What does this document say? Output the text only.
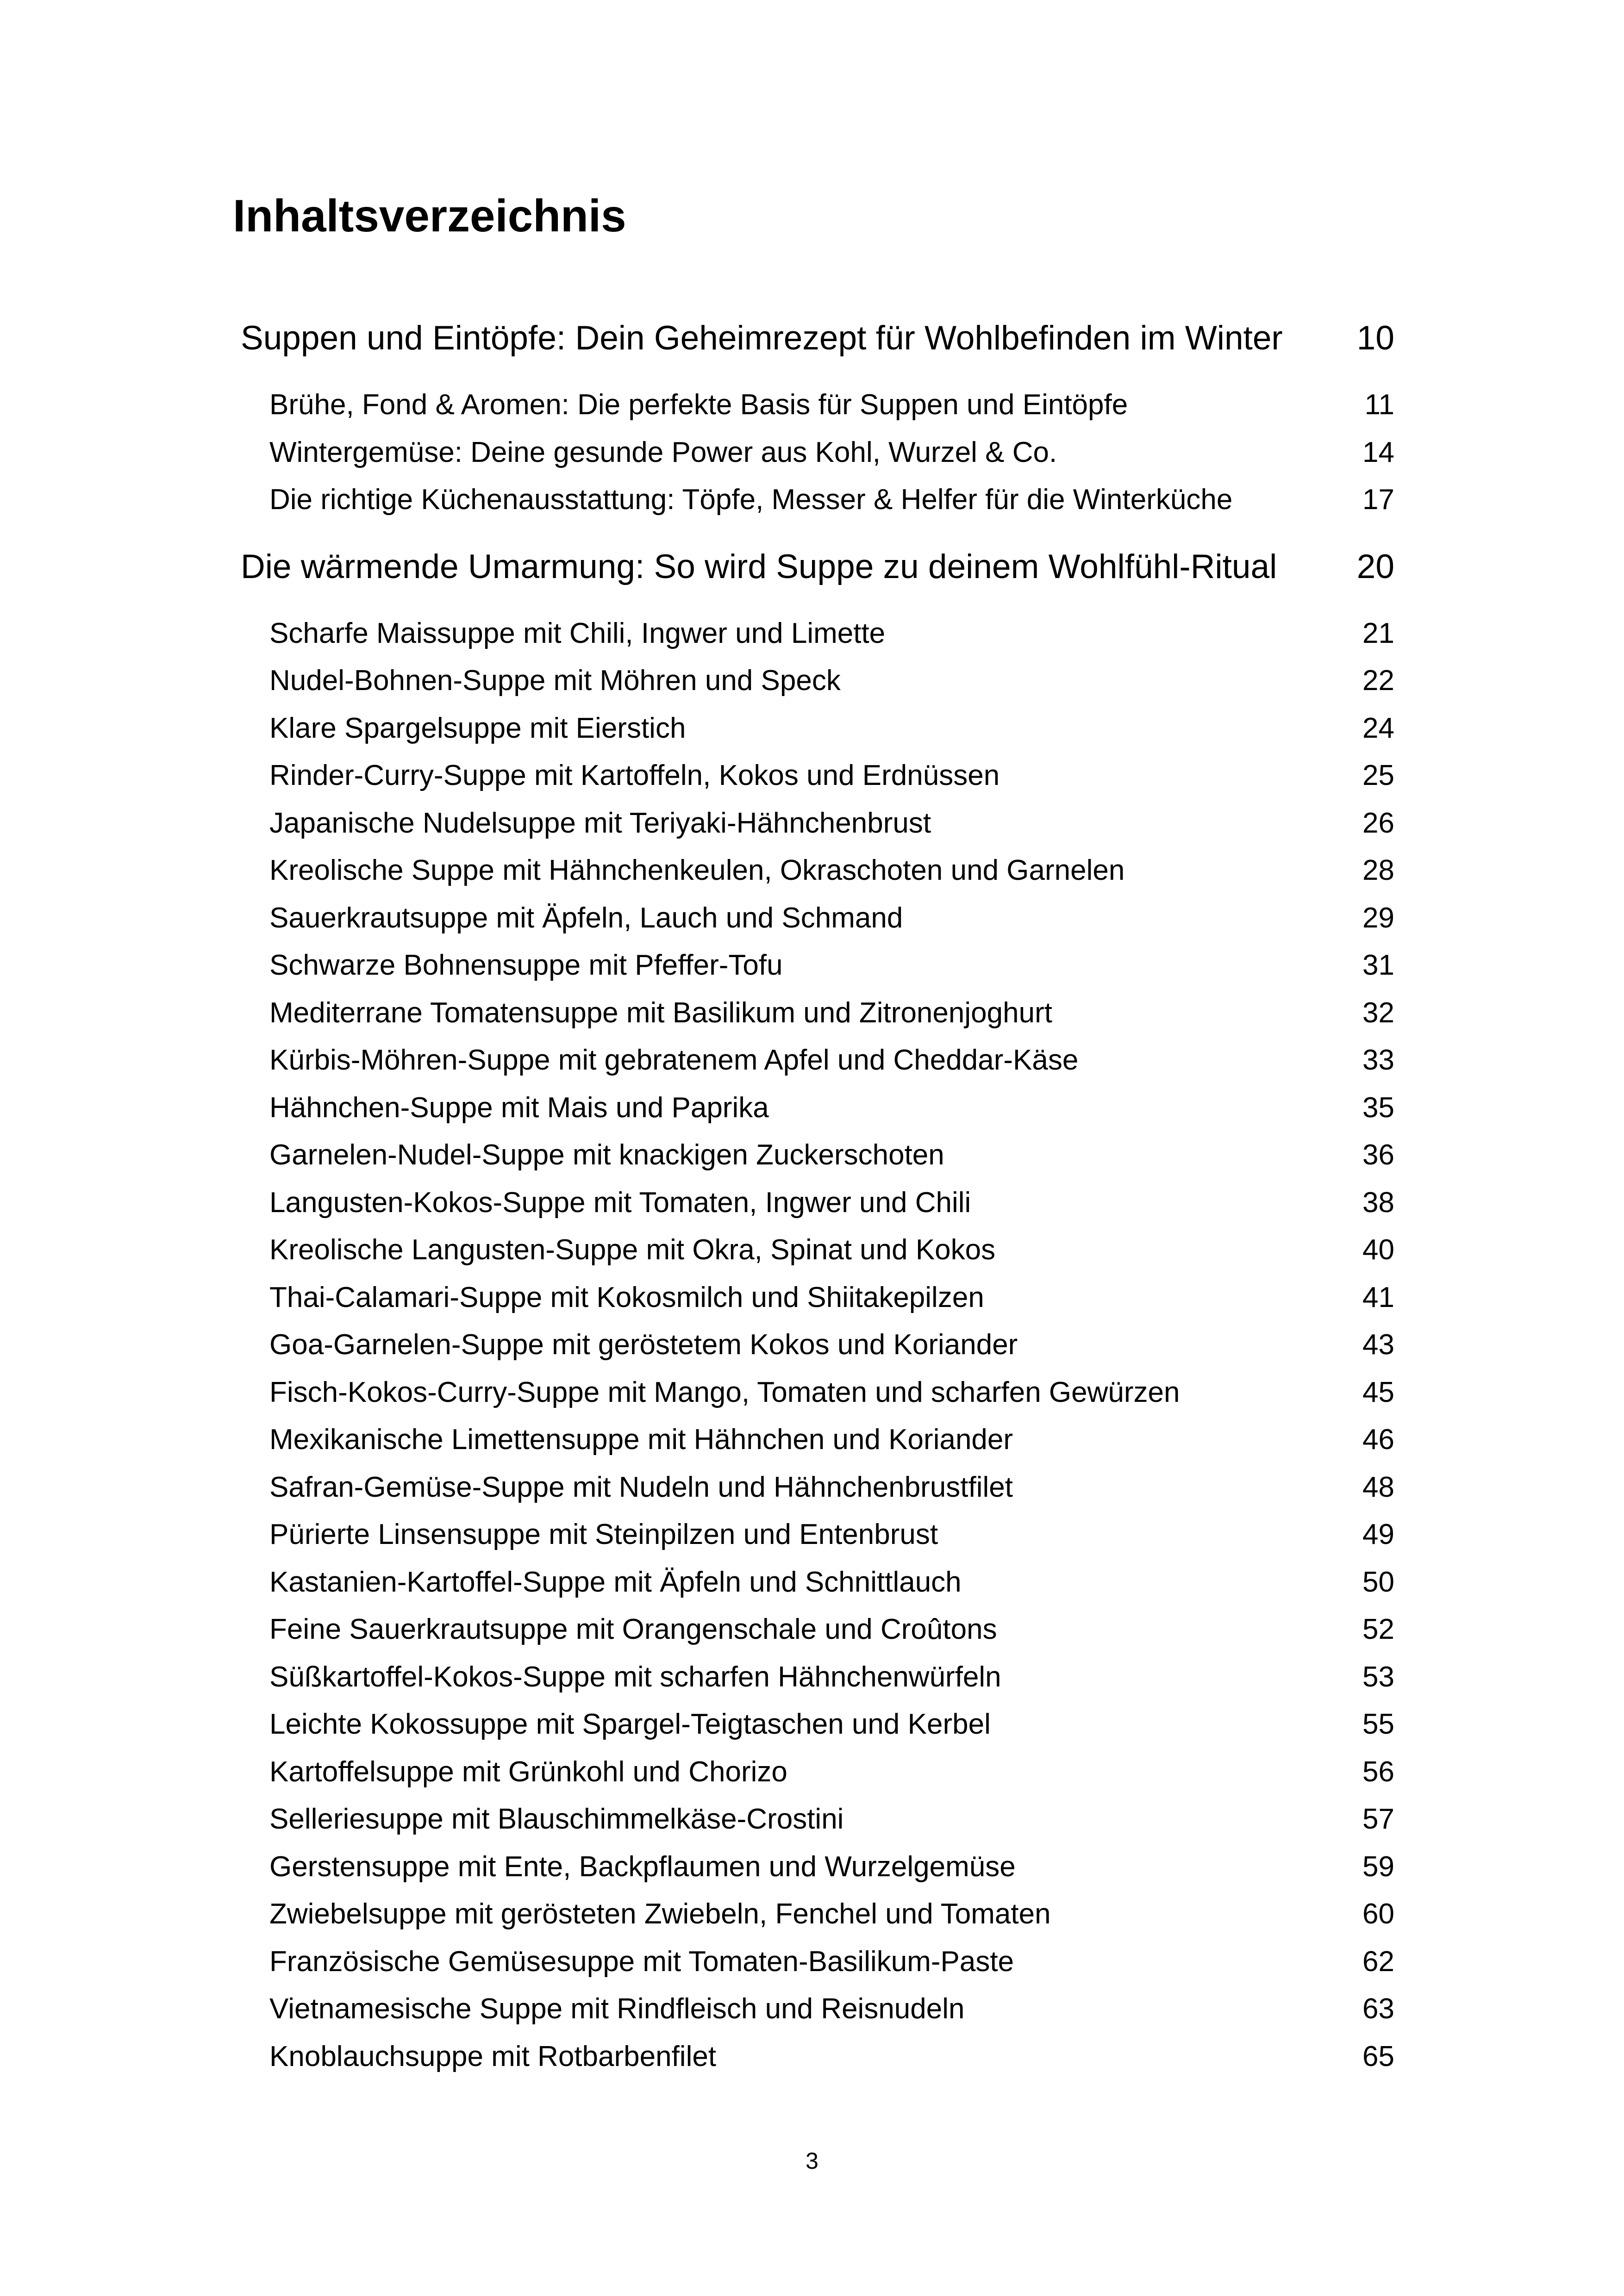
Inhaltsverzeichnis
Suppen und Eintöpfe: Dein Geheimrezept für Wohlbefinden im Winter	10
Brühe, Fond & Aromen: Die perfekte Basis für Suppen und Eintöpfe	11
Wintergemüse: Deine gesunde Power aus Kohl, Wurzel & Co.	14
Die richtige Küchenausstattung: Töpfe, Messer & Helfer für die Winterküche	17
Die wärmende Umarmung: So wird Suppe zu deinem Wohlfühl-Ritual	20
Scharfe Maissuppe mit Chili, Ingwer und Limette	21
Nudel-Bohnen-Suppe mit Möhren und Speck	22
Klare Spargelsuppe mit Eierstich	24
Rinder-Curry-Suppe mit Kartoffeln, Kokos und Erdnüssen	25
Japanische Nudelsuppe mit Teriyaki-Hähnchenbrust	26
Kreolische Suppe mit Hähnchenkeulen, Okraschoten und Garnelen	28
Sauerkrautsuppe mit Äpfeln, Lauch und Schmand	29
Schwarze Bohnensuppe mit Pfeffer-Tofu	31
Mediterrane Tomatensuppe mit Basilikum und Zitronenjoghurt	32
Kürbis-Möhren-Suppe mit gebratenem Apfel und Cheddar-Käse	33
Hähnchen-Suppe mit Mais und Paprika	35
Garnelen-Nudel-Suppe mit knackigen Zuckerschoten	36
Langusten-Kokos-Suppe mit Tomaten, Ingwer und Chili	38
Kreolische Langusten-Suppe mit Okra, Spinat und Kokos	40
Thai-Calamari-Suppe mit Kokosmilch und Shiitakepilzen	41
Goa-Garnelen-Suppe mit geröstetem Kokos und Koriander	43
Fisch-Kokos-Curry-Suppe mit Mango, Tomaten und scharfen Gewürzen	45
Mexikanische Limettensuppe mit Hähnchen und Koriander	46
Safran-Gemüse-Suppe mit Nudeln und Hähnchenbrustfilet	48
Pürierte Linsensuppe mit Steinpilzen und Entenbrust	49
Kastanien-Kartoffel-Suppe mit Äpfeln und Schnittlauch	50
Feine Sauerkrautsuppe mit Orangenschale und Croûtons	52
Süßkartoffel-Kokos-Suppe mit scharfen Hähnchenwürfeln	53
Leichte Kokossuppe mit Spargel-Teigtaschen und Kerbel	55
Kartoffelsuppe mit Grünkohl und Chorizo	56
Selleriesuppe mit Blauschimmelkäse-Crostini	57
Gerstensuppe mit Ente, Backpflaumen und Wurzelgemüse	59
Zwiebelsuppe mit gerösteten Zwiebeln, Fenchel und Tomaten	60
Französische Gemüsesuppe mit Tomaten-Basilikum-Paste	62
Vietnamesische Suppe mit Rindfleisch und Reisnudeln	63
Knoblauchsuppe mit Rotbarbenfilet	65
3
